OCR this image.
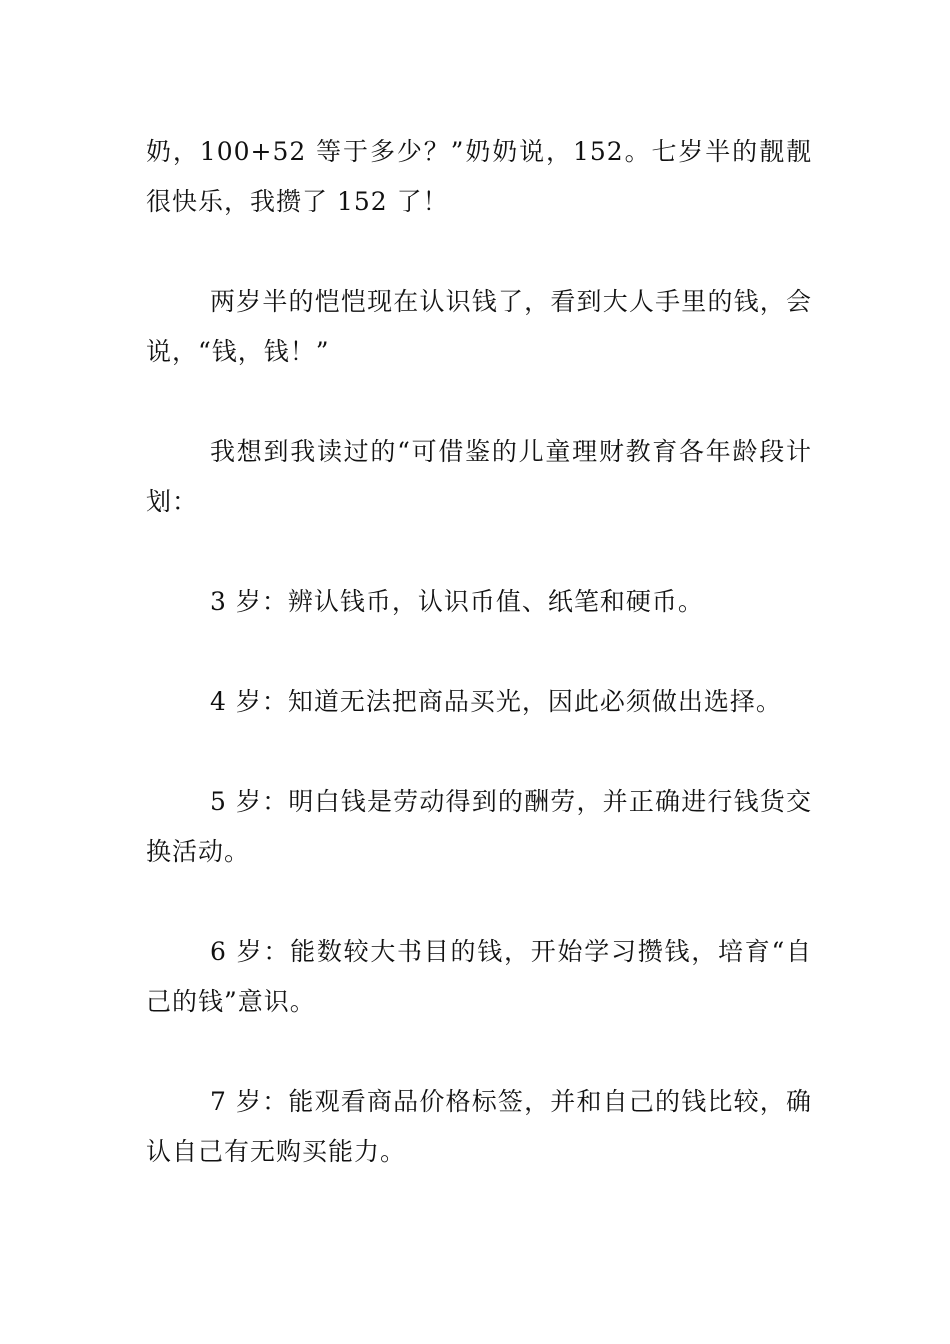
奶，100+52 等于多少？”奶奶说，152。七岁半的靓靓很快乐，我攒了 152 了！

两岁半的恺恺现在认识钱了，看到大人手里的钱，会说，“钱，钱！”

我想到我读过的“可借鉴的儿童理财教育各年龄段计划：

3 岁：辨认钱币，认识币值、纸笔和硬币。

4 岁：知道无法把商品买光，因此必须做出选择。

5 岁：明白钱是劳动得到的酬劳，并正确进行钱货交换活动。

6 岁：能数较大书目的钱，开始学习攒钱，培育“自己的钱”意识。

7 岁：能观看商品价格标签，并和自己的钱比较，确认自己有无购买能力。
